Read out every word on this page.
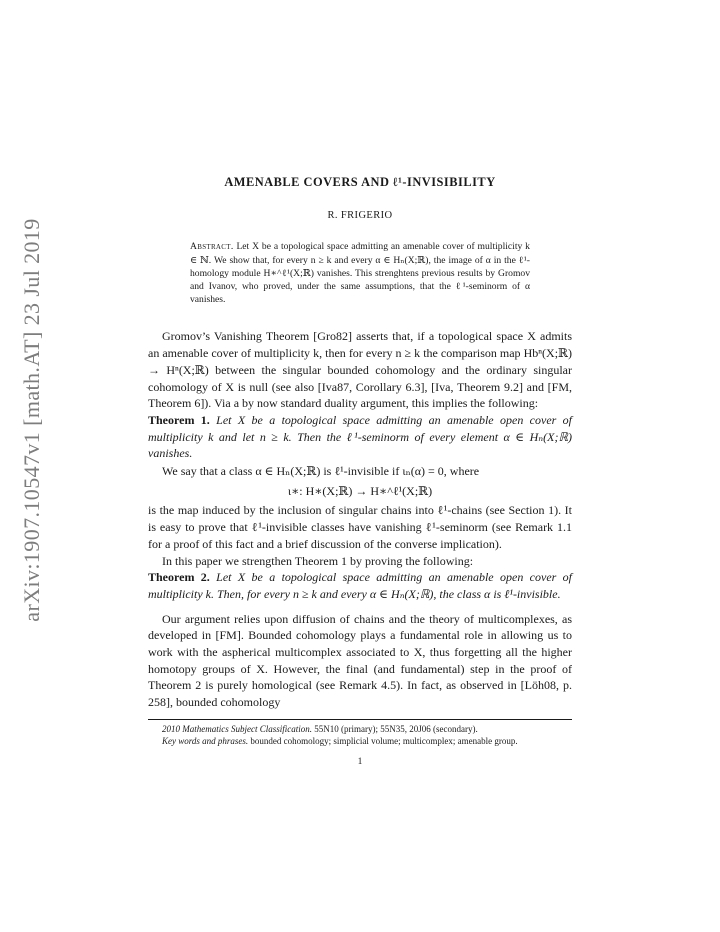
arXiv:1907.10547v1 [math.AT] 23 Jul 2019
AMENABLE COVERS AND ℓ¹-INVISIBILITY
R. FRIGERIO
Abstract. Let X be a topological space admitting an amenable cover of multiplicity k ∈ ℕ. We show that, for every n ≥ k and every α ∈ Hₙ(X;ℝ), the image of α in the ℓ¹-homology module H∗^ℓ¹(X;ℝ) vanishes. This strenghtens previous results by Gromov and Ivanov, who proved, under the same assumptions, that the ℓ¹-seminorm of α vanishes.

Gromov’s Vanishing Theorem [Gro82] asserts that, if a topological space X admits an amenable cover of multiplicity k, then for every n ≥ k the comparison map Hbⁿ(X;ℝ) → Hⁿ(X;ℝ) between the singular bounded cohomology and the ordinary singular cohomology of X is null (see also [Iva87, Corollary 6.3], [Iva, Theorem 9.2] and [FM, Theorem 6]). Via a by now standard duality argument, this implies the following:

Theorem 1. Let X be a topological space admitting an amenable open cover of multiplicity k and let n ≥ k. Then the ℓ¹-seminorm of every element α ∈ Hₙ(X;ℝ) vanishes.

We say that a class α ∈ Hₙ(X;ℝ) is ℓ¹-invisible if ιₙ(α) = 0, where

ι∗: H∗(X;ℝ) → H∗^ℓ¹(X;ℝ)

is the map induced by the inclusion of singular chains into ℓ¹-chains (see Section 1). It is easy to prove that ℓ¹-invisible classes have vanishing ℓ¹-seminorm (see Remark 1.1 for a proof of this fact and a brief discussion of the converse implication).

In this paper we strengthen Theorem 1 by proving the following:

Theorem 2. Let X be a topological space admitting an amenable open cover of multiplicity k. Then, for every n ≥ k and every α ∈ Hₙ(X;ℝ), the class α is ℓ¹-invisible.

Our argument relies upon diffusion of chains and the theory of multicomplexes, as developed in [FM]. Bounded cohomology plays a fundamental role in allowing us to work with the aspherical multicomplex associated to X, thus forgetting all the higher homotopy groups of X. However, the final (and fundamental) step in the proof of Theorem 2 is purely homological (see Remark 4.5). In fact, as observed in [Löh08, p. 258], bounded cohomology

2010 Mathematics Subject Classification. 55N10 (primary); 55N35, 20J06 (secondary).

Key words and phrases. bounded cohomology; simplicial volume; multicomplex; amenable group.

1
